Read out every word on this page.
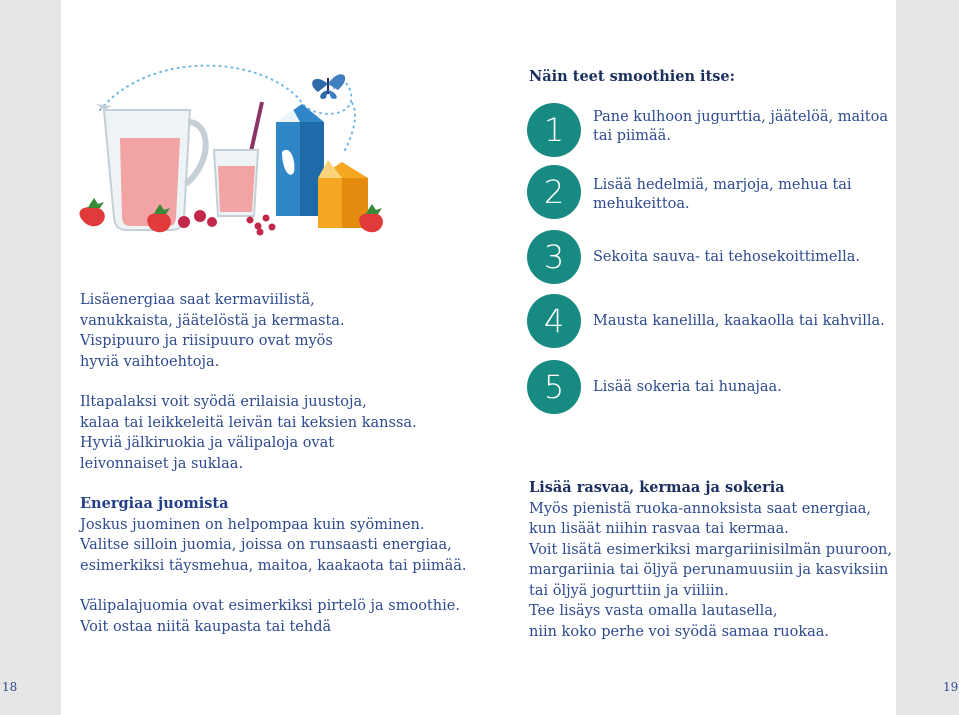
Lisäenergiaa saat kermaviilistä,
vanukkaista, jäätelöstä ja kermasta.
Vispipuuro ja riisipuuro ovat myös
hyviä vaihtoehtoja.

Iltapalaksi voit syödä erilaisia juustoja,
kalaa tai leikkeleitä leivän tai keksien kanssa.
Hyviä jälkiruokia ja välipaloja ovat
leivonnaiset ja suklaa.

Energiaa juomista
Joskus juominen on helpompaa kuin syöminen.
Valitse silloin juomia, joissa on runsaasti energiaa,
esimerkiksi täysmehua, maitoa, kaakaota tai piimää.

Välipalajuomia ovat esimerkiksi pirtelö ja smoothie.
Voit ostaa niitä kaupasta tai tehdä

Näin teet smoothien itse:
1	Pane kulhoon jugurttia, jäätelöä, maitoa
tai piimää.
2	Lisää hedelmiä, marjoja, mehua tai
mehukeittoa.
3	Sekoita sauva- tai tehosekoittimella.
4	Mausta kanelilla, kaakaolla tai kahvilla.
5	Lisää sokeria tai hunajaa.
Lisää rasvaa, kermaa ja sokeria
Myös pienistä ruoka-annoksista saat energiaa,
kun lisäät niihin rasvaa tai kermaa.
Voit lisätä esimerkiksi margariinisilmän puuroon,
margariinia tai öljyä perunamuusiin ja kasviksiin
tai öljyä jogurttiin ja viiliin.
Tee lisäys vasta omalla lautasella,
niin koko perhe voi syödä samaa ruokaa.
18	19
